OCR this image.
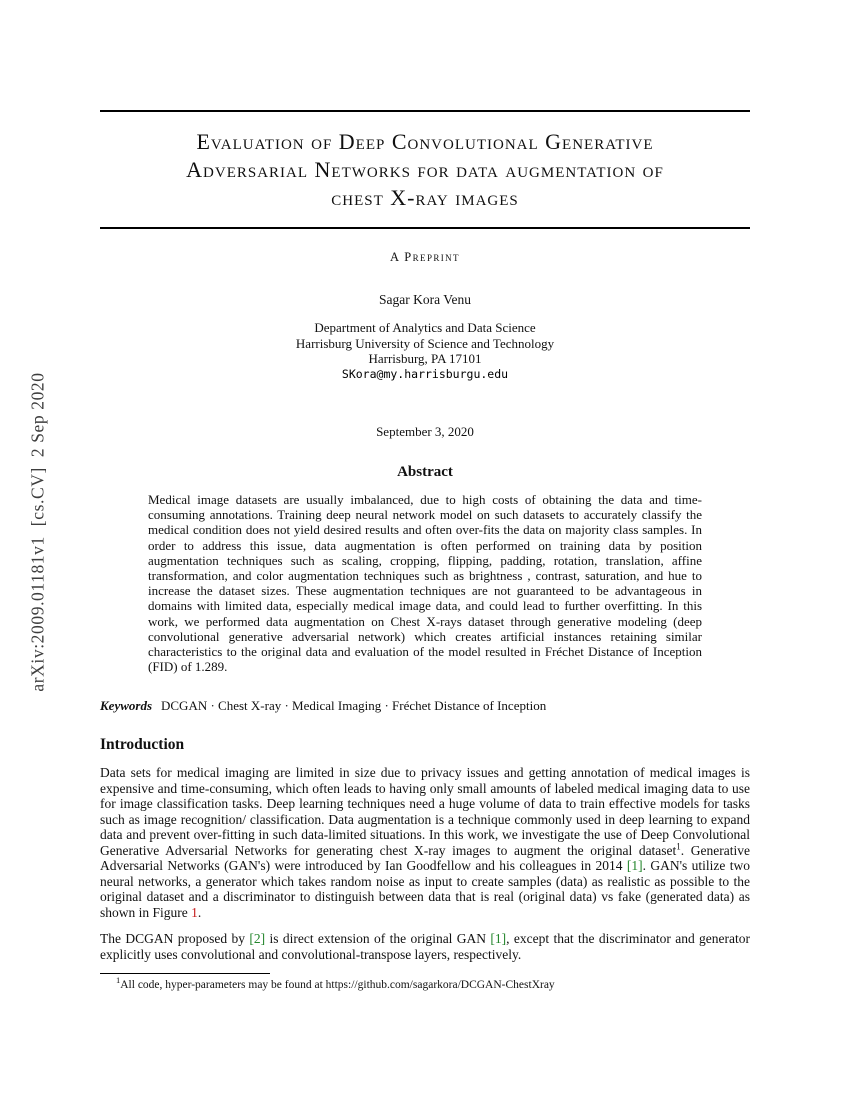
arXiv:2009.01181v1  [cs.CV]  2 Sep 2020
Evaluation of Deep Convolutional Generative
Adversarial Networks for data augmentation of
chest X-ray images
A Preprint
Sagar Kora Venu
Department of Analytics and Data Science
Harrisburg University of Science and Technology
Harrisburg, PA 17101
SKora@my.harrisburgu.edu
September 3, 2020
Abstract
Medical image datasets are usually imbalanced, due to high costs of obtaining the data and time-consuming annotations. Training deep neural network model on such datasets to accurately classify the medical condition does not yield desired results and often over-fits the data on majority class samples. In order to address this issue, data augmentation is often performed on training data by position augmentation techniques such as scaling, cropping, flipping, padding, rotation, translation, affine transformation, and color augmentation techniques such as brightness , contrast, saturation, and hue to increase the dataset sizes. These augmentation techniques are not guaranteed to be advantageous in domains with limited data, especially medical image data, and could lead to further overfitting. In this work, we performed data augmentation on Chest X-rays dataset through generative modeling (deep convolutional generative adversarial network) which creates artificial instances retaining similar characteristics to the original data and evaluation of the model resulted in Fréchet Distance of Inception (FID) of 1.289.
Keywords DCGAN · Chest X-ray · Medical Imaging · Fréchet Distance of Inception
Introduction

Data sets for medical imaging are limited in size due to privacy issues and getting annotation of medical images is expensive and time-consuming, which often leads to having only small amounts of labeled medical imaging data to use for image classification tasks. Deep learning techniques need a huge volume of data to train effective models for tasks such as image recognition/ classification. Data augmentation is a technique commonly used in deep learning to expand data and prevent over-fitting in such data-limited situations. In this work, we investigate the use of Deep Convolutional Generative Adversarial Networks for generating chest X-ray images to augment the original dataset$^1$. Generative Adversarial Networks (GAN's) were introduced by Ian Goodfellow and his colleagues in 2014 [1]. GAN's utilize two neural networks, a generator which takes random noise as input to create samples (data) as realistic as possible to the original dataset and a discriminator to distinguish between data that is real (original data) vs fake (generated data) as shown in Figure 1.

The DCGAN proposed by [2] is direct extension of the original GAN [1], except that the discriminator and generator explicitly uses convolutional and convolutional-transpose layers, respectively.

$^1$All code, hyper-parameters may be found at https://github.com/sagarkora/DCGAN-ChestXray
